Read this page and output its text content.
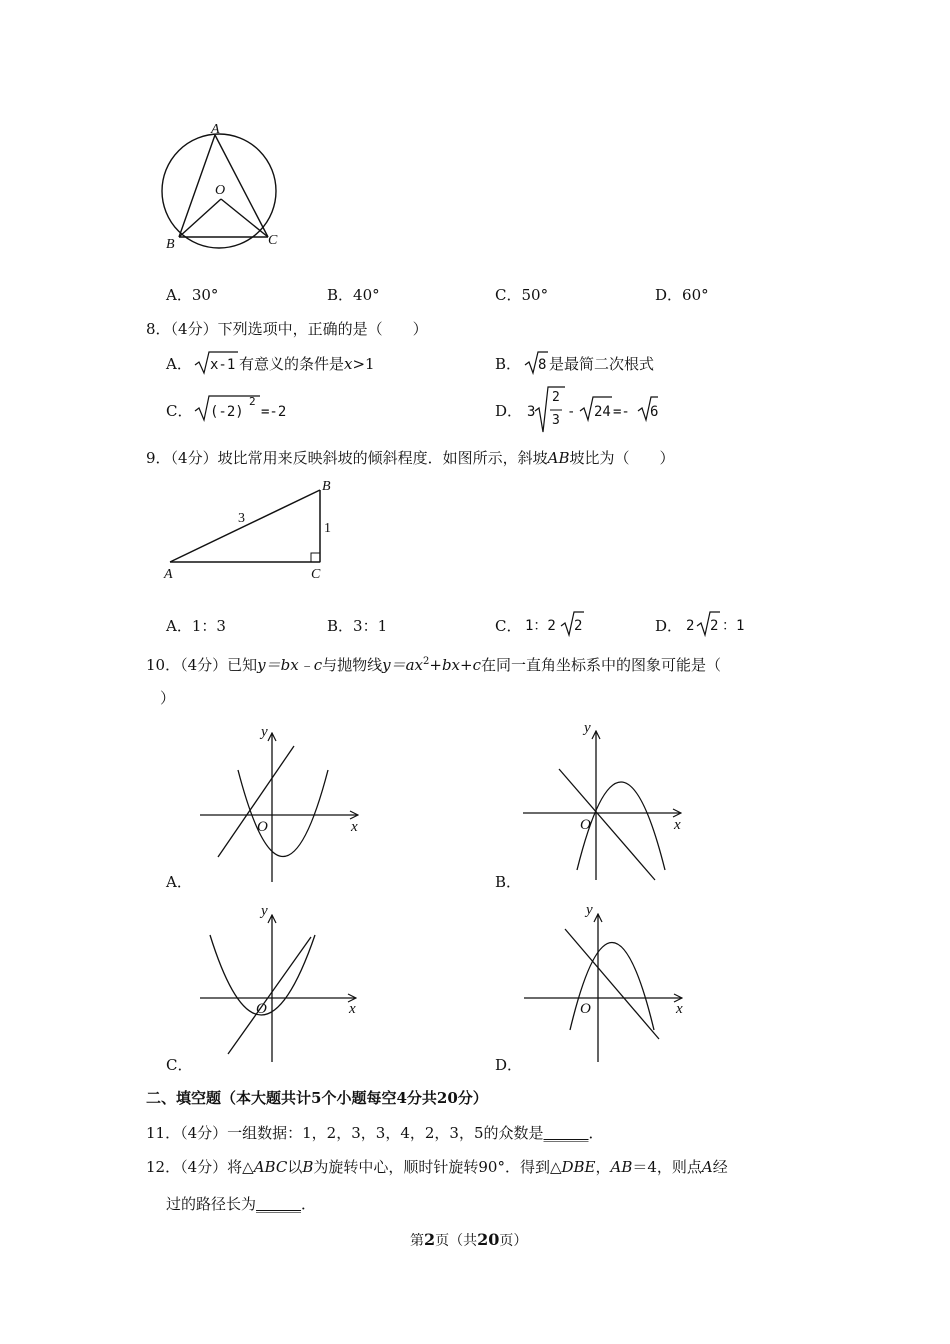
A
O
B	C
A．30°	B．40°	C．50°	D．60°
8．（4分）下列选项中，正确的是（　　）
A． x-1 有意义的条件是x>1	B． 8 是最简二次根式
C． (-2)
2
=-2	D． 3
2
3
- 24 =- 6
9．（4分）坡比常用来反映斜坡的倾斜程度．如图所示，斜坡AB坡比为（　　）
A
B
C
3
1
A．1：3	B．3：1	C． 1：2 2	D． 2 2 ：1
10．（4分）已知y＝bx﹣c与抛物线$y=ax^2+bx+c$在同一直角坐标系中的图象可能是（
）
y
x
O
y
x
O
y
x
O
y
x
O
A．	B．
C．	D．
二、填空题（本大题共计5个小题每空4分共20分）
11．（4分）一组数据：1，2，3，3，4，2，3，5的众数是______．
12．（4分）将△ABC以B为旋转中心，顺时针旋转90°．得到△DBE，AB＝4，则点A经
过的路径长为______．
第2页（共20页）
